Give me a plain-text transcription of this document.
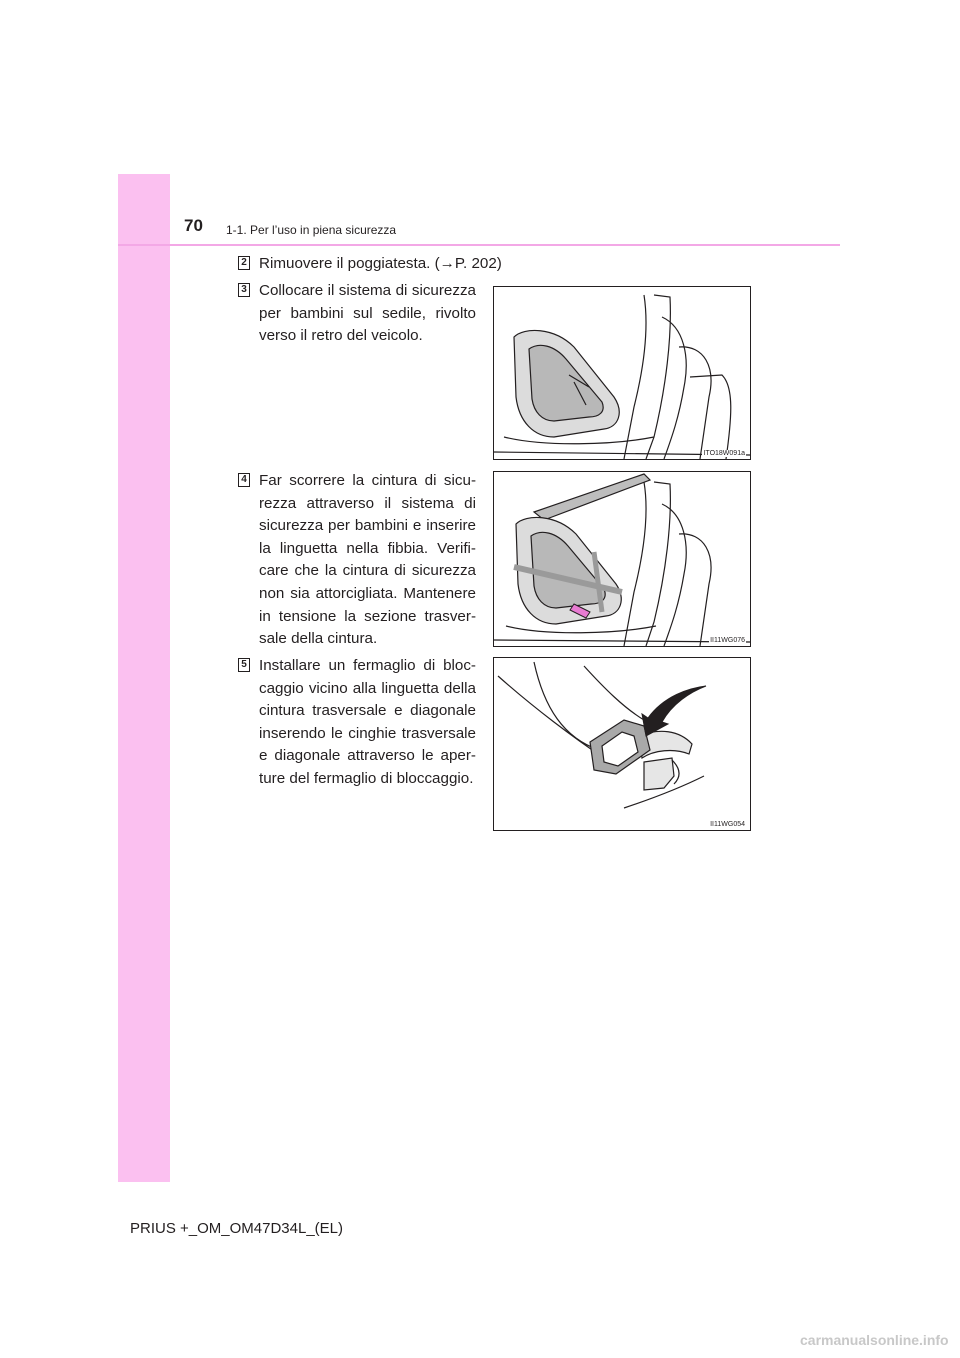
70 1-1. Per l’uso in piena sicurezza
2 Rimuovere il poggiatesta. (→P. 202)
3 Collocare il sistema di sicurezza per bambini sul sedile, rivolto verso il retro del veicolo.
ITO18W091a
4 Far scorrere la cintura di sicu-rezza attraverso il sistema di sicurezza per bambini e inserire la linguetta nella fibbia. Verifi-care che la cintura di sicurezza non sia attorcigliata. Mantenere in tensione la sezione trasver-sale della cintura.	II11WG076
5 Installare un fermaglio di bloc-caggio vicino alla linguetta della cintura trasversale e diagonale inserendo le cinghie trasversale e diagonale attraverso le aper-ture del fermaglio di bloccaggio.
II11WG054
PRIUS +_OM_OM47D34L_(EL)
carmanualsonline.info
